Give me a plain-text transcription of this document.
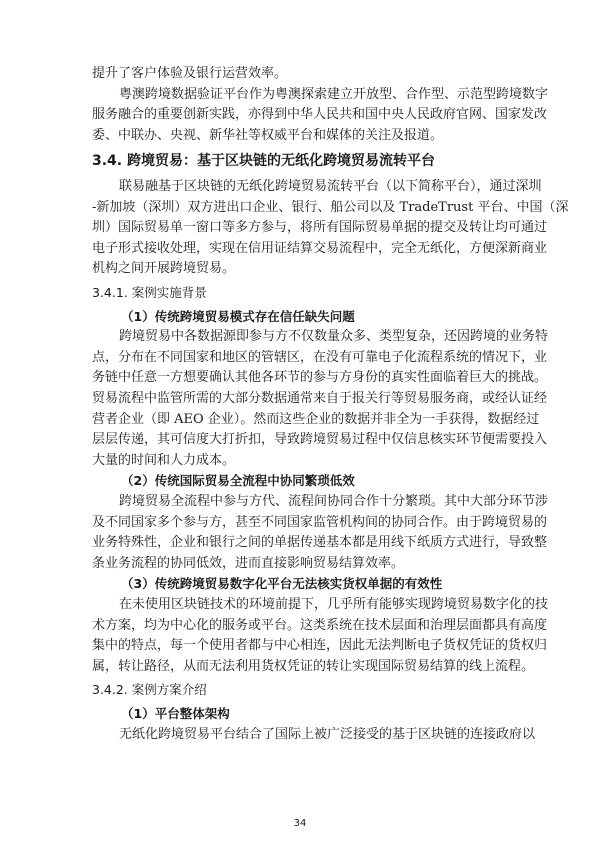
提升了客户体验及银行运营效率。
粤澳跨境数据验证平台作为粤澳探索建立开放型、合作型、示范型跨境数字
服务融合的重要创新实践，亦得到中华人民共和国中央人民政府官网、国家发改
委、中联办、央视、新华社等权威平台和媒体的关注及报道。
3.4. 跨境贸易：基于区块链的无纸化跨境贸易流转平台
联易融基于区块链的无纸化跨境贸易流转平台（以下简称平台），通过深圳
-新加坡（深圳）双方进出口企业、银行、船公司以及 TradeTrust 平台、中国（深
圳）国际贸易单一窗口等多方参与，将所有国际贸易单据的提交及转让均可通过
电子形式接收处理，实现在信用证结算交易流程中，完全无纸化，方便深新商业
机构之间开展跨境贸易。
3.4.1. 案例实施背景
（1）传统跨境贸易模式存在信任缺失问题
跨境贸易中各数据源即参与方不仅数量众多、类型复杂，还因跨境的业务特
点，分布在不同国家和地区的管辖区，在没有可靠电子化流程系统的情况下，业
务链中任意一方想要确认其他各环节的参与方身份的真实性面临着巨大的挑战。
贸易流程中监管所需的大部分数据通常来自于报关行等贸易服务商，或经认证经
营者企业（即 AEO 企业）。然而这些企业的数据并非全为一手获得，数据经过
层层传递，其可信度大打折扣，导致跨境贸易过程中仅信息核实环节便需要投入
大量的时间和人力成本。
（2）传统国际贸易全流程中协同繁琐低效
跨境贸易全流程中参与方代、流程间协同合作十分繁琐。其中大部分环节涉
及不同国家多个参与方，甚至不同国家监管机构间的协同合作。由于跨境贸易的
业务特殊性，企业和银行之间的单据传递基本都是用线下纸质方式进行，导致整
条业务流程的协同低效，进而直接影响贸易结算效率。
（3）传统跨境贸易数字化平台无法核实货权单据的有效性
在未使用区块链技术的环境前提下，几乎所有能够实现跨境贸易数字化的技
术方案，均为中心化的服务或平台。这类系统在技术层面和治理层面都具有高度
集中的特点，每一个使用者都与中心相连，因此无法判断电子货权凭证的货权归
属，转让路径，从而无法利用货权凭证的转让实现国际贸易结算的线上流程。
3.4.2. 案例方案介绍
34
（1）平台整体架构
无纸化跨境贸易平台结合了国际上被广泛接受的基于区块链的连接政府以
